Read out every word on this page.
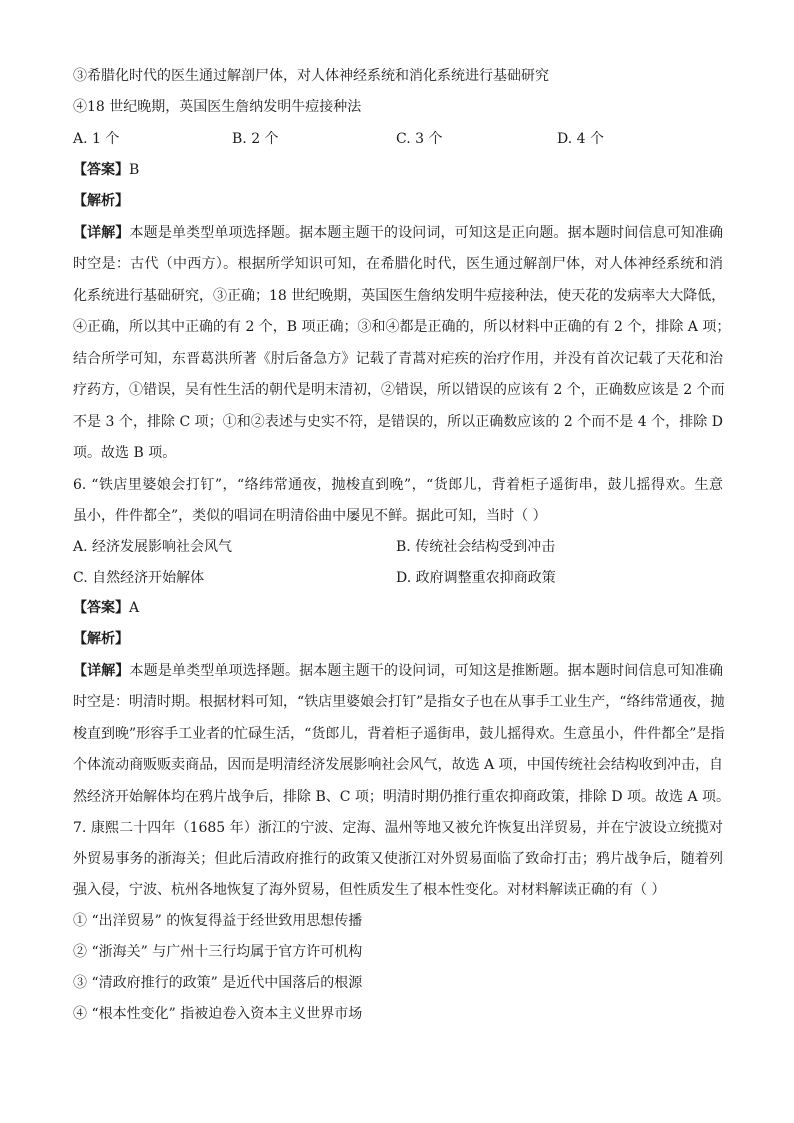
③希腊化时代的医生通过解剖尸体，对人体神经系统和消化系统进行基础研究
④18 世纪晚期，英国医生詹纳发明牛痘接种法
A. 1 个	B. 2 个	C. 3 个	D. 4 个
【答案】B
【解析】
【详解】本题是单类型单项选择题。据本题主题干的设问词，可知这是正向题。据本题时间信息可知准确
时空是：古代（中西方）。根据所学知识可知，在希腊化时代，医生通过解剖尸体，对人体神经系统和消
化系统进行基础研究，③正确；18 世纪晚期，英国医生詹纳发明牛痘接种法，使天花的发病率大大降低，
④正确，所以其中正确的有 2 个，B 项正确；③和④都是正确的，所以材料中正确的有 2 个，排除 A 项；
结合所学可知，东晋葛洪所著《肘后备急方》记载了青蒿对疟疾的治疗作用，并没有首次记载了天花和治
疗药方，①错误，吴有性生活的朝代是明末清初，②错误，所以错误的应该有 2 个，正确数应该是 2 个而
不是 3 个，排除 C 项；①和②表述与史实不符，是错误的，所以正确数应该的 2 个而不是 4 个，排除 D
项。故选 B 项。
6. “铁店里婆娘会打钉”，“络纬常通夜，抛梭直到晚”，“货郎儿，背着柜子遥街串，鼓儿摇得欢。生意
虽小，件件都全”，类似的唱词在明清俗曲中屡见不鲜。据此可知，当时（ ）
A. 经济发展影响社会风气	B. 传统社会结构受到冲击
C. 自然经济开始解体	D. 政府调整重农抑商政策
【答案】A
【解析】
【详解】本题是单类型单项选择题。据本题主题干的设问词，可知这是推断题。据本题时间信息可知准确
时空是：明清时期。根据材料可知，“铁店里婆娘会打钉”是指女子也在从事手工业生产，“络纬常通夜，抛
梭直到晚”形容手工业者的忙碌生活，“货郎儿，背着柜子遥街串，鼓儿摇得欢。生意虽小，件件都全”是指
个体流动商贩贩卖商品，因而是明清经济发展影响社会风气，故选 A 项，中国传统社会结构收到冲击，自
然经济开始解体均在鸦片战争后，排除 B、C 项；明清时期仍推行重农抑商政策，排除 D 项。故选 A 项。
7. 康熙二十四年（1685 年）浙江的宁波、定海、温州等地又被允许恢复出洋贸易，并在宁波设立统揽对
外贸易事务的浙海关；但此后清政府推行的政策又使浙江对外贸易面临了致命打击；鸦片战争后，随着列
强入侵，宁波、杭州各地恢复了海外贸易，但性质发生了根本性变化。对材料解读正确的有（ ）
① “出洋贸易” 的恢复得益于经世致用思想传播
② “浙海关” 与广州十三行均属于官方许可机构
③ “清政府推行的政策” 是近代中国落后的根源
④ “根本性变化” 指被迫卷入资本主义世界市场
